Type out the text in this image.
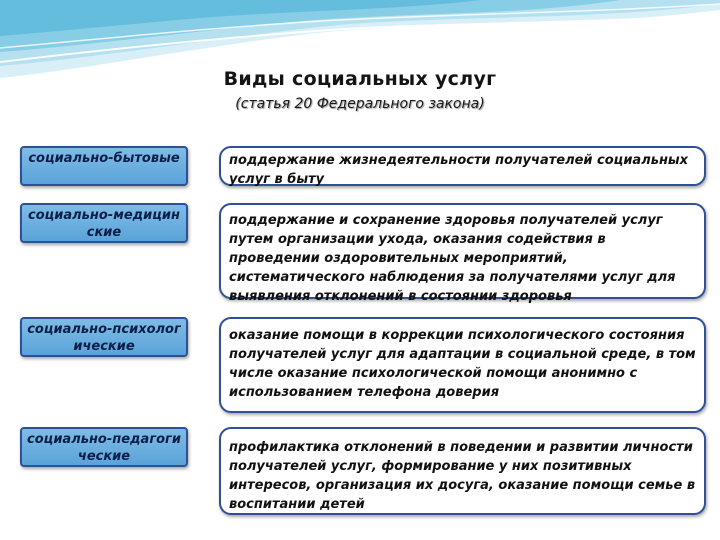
Виды социальных услуг
(статья 20 Федерального закона)
социально-бытовые	поддержание жизнедеятельности получателей социальных услуг в быту
социально-медицинские
поддержание и сохранение здоровья получателей услуг путем организации ухода, оказания содействия в проведении оздоровительных мероприятий, систематического наблюдения за получателями услуг для выявления отклонений в состоянии здоровья
социально-психологические
оказание помощи в коррекции психологического состояния получателей услуг для адаптации в социальной среде, в том числе оказание психологической помощи анонимно с использованием телефона доверия
социально-педагогические
профилактика отклонений в поведении и развитии личности получателей услуг, формирование у них позитивных интересов, организация их досуга, оказание помощи семье в воспитании детей
